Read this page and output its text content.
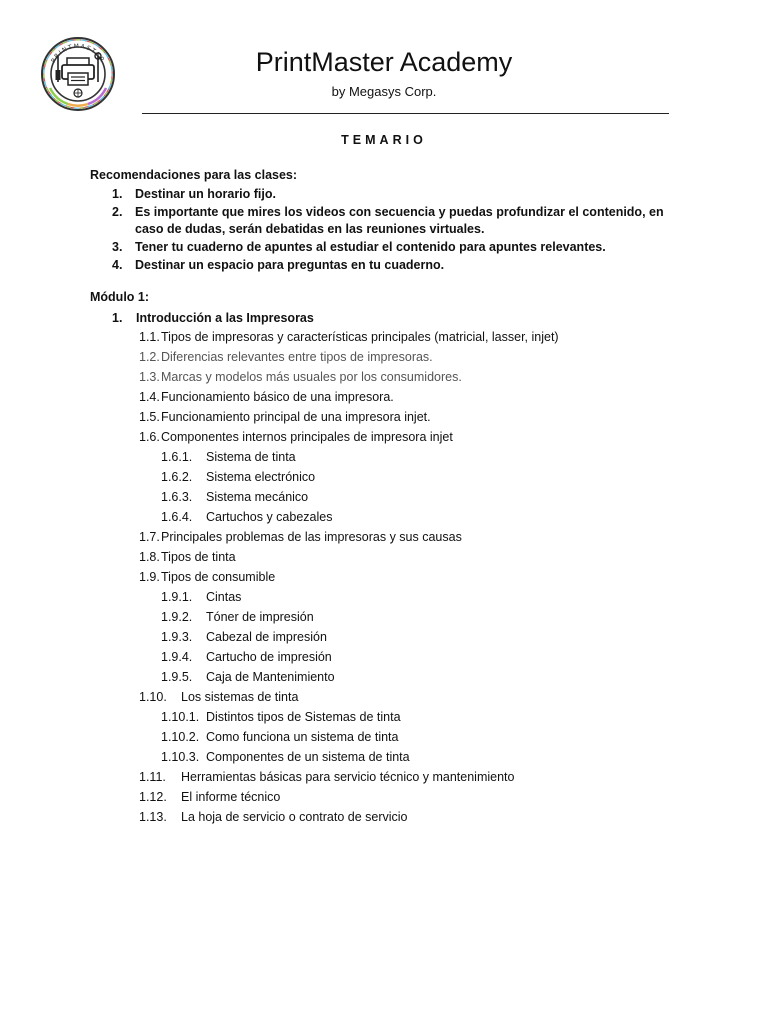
PRINTMASTER	PrintMaster Academy
by Megasys Corp.
TEMARIO
Recomendaciones para las clases:
1. Destinar un horario fijo.
2. Es importante que mires los videos con secuencia y puedas profundizar el contenido, en caso de dudas, serán debatidas en las reuniones virtuales.
3. Tener tu cuaderno de apuntes al estudiar el contenido para apuntes relevantes.
4. Destinar un espacio para preguntas en tu cuaderno.
Módulo 1:
1. Introducción a las Impresoras
1.1.Tipos de impresoras y características principales (matricial, lasser, injet)
1.2.Diferencias relevantes entre tipos de impresoras.
1.3.Marcas y modelos más usuales por los consumidores.
1.4.Funcionamiento básico de una impresora.
1.5.Funcionamiento principal de una impresora injet.
1.6.Componentes internos principales de impresora injet
1.6.1. Sistema de tinta
1.6.2. Sistema electrónico
1.6.3. Sistema mecánico
1.6.4. Cartuchos y cabezales
1.7.Principales problemas de las impresoras y sus causas
1.8.Tipos de tinta
1.9.Tipos de consumible
1.9.1. Cintas
1.9.2. Tóner de impresión
1.9.3. Cabezal de impresión
1.9.4. Cartucho de impresión
1.9.5. Caja de Mantenimiento
1.10. Los sistemas de tinta
1.10.1. Distintos tipos de Sistemas de tinta
1.10.2. Como funciona un sistema de tinta
1.10.3. Componentes de un sistema de tinta
1.11. Herramientas básicas para servicio técnico y mantenimiento
1.12. El informe técnico
1.13. La hoja de servicio o contrato de servicio
